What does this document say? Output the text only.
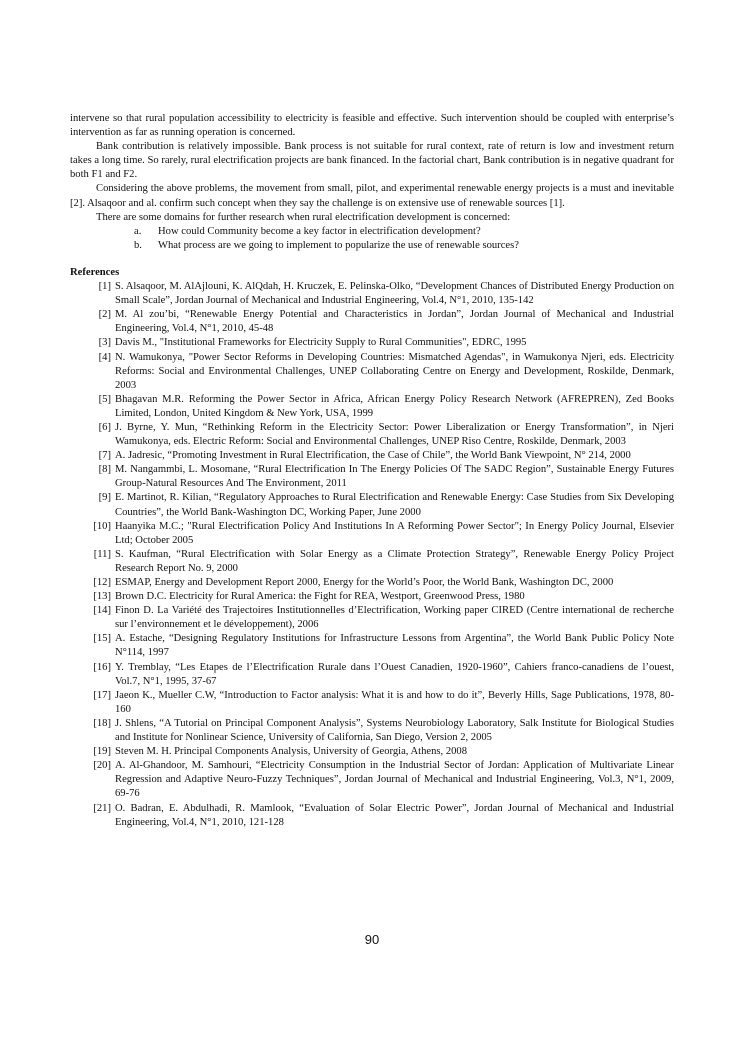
intervene so that rural population accessibility to electricity is feasible and effective. Such intervention should be coupled with enterprise’s intervention as far as running operation is concerned.

Bank contribution is relatively impossible. Bank process is not suitable for rural context, rate of return is low and investment return takes a long time. So rarely, rural electrification projects are bank financed. In the factorial chart, Bank contribution is in negative quadrant for both F1 and F2.

Considering the above problems, the movement from small, pilot, and experimental renewable energy projects is a must and inevitable [2]. Alsaqoor and al. confirm such concept when they say the challenge is on extensive use of renewable sources [1].

There are some domains for further research when rural electrification development is concerned:

a.	How could Community become a key factor in electrification development?
b.	What process are we going to implement to popularize the use of renewable sources?
References
[1] S. Alsaqoor, M. AlAjlouni, K. AlQdah, H. Kruczek, E. Pelinska-Olko, “Development Chances of Distributed Energy Production on Small Scale”, Jordan Journal of Mechanical and Industrial Engineering, Vol.4, N°1, 2010, 135-142
[2] M. Al zou’bi, “Renewable Energy Potential and Characteristics in Jordan”, Jordan Journal of Mechanical and Industrial Engineering, Vol.4, N°1, 2010, 45-48
[3] Davis M., "Institutional Frameworks for Electricity Supply to Rural Communities", EDRC, 1995
[4] N. Wamukonya, "Power Sector Reforms in Developing Countries: Mismatched Agendas", in Wamukonya Njeri, eds. Electricity Reforms: Social and Environmental Challenges, UNEP Collaborating Centre on Energy and Development, Roskilde, Denmark, 2003
[5] Bhagavan M.R. Reforming the Power Sector in Africa, African Energy Policy Research Network (AFREPREN), Zed Books Limited, London, United Kingdom & New York, USA, 1999
[6] J. Byrne, Y. Mun, “Rethinking Reform in the Electricity Sector: Power Liberalization or Energy Transformation”, in Njeri Wamukonya, eds. Electric Reform: Social and Environmental Challenges, UNEP Riso Centre, Roskilde, Denmark, 2003
[7] A. Jadresic, “Promoting Investment in Rural Electrification, the Case of Chile”, the World Bank Viewpoint, N° 214, 2000
[8] M. Nangammbi, L. Mosomane, “Rural Electrification In The Energy Policies Of The SADC Region”, Sustainable Energy Futures Group-Natural Resources And The Environment, 2011
[9] E. Martinot, R. Kilian, “Regulatory Approaches to Rural Electrification and Renewable Energy: Case Studies from Six Developing Countries”, the World Bank-Washington DC, Working Paper, June 2000
[10] Haanyika M.C.; "Rural Electrification Policy And Institutions In A Reforming Power Sector"; In Energy Policy Journal, Elsevier Ltd; October 2005
[11] S. Kaufman, “Rural Electrification with Solar Energy as a Climate Protection Strategy”, Renewable Energy Policy Project Research Report No. 9, 2000
[12] ESMAP, Energy and Development Report 2000, Energy for the World’s Poor, the World Bank, Washington DC, 2000
[13] Brown D.C. Electricity for Rural America: the Fight for REA, Westport, Greenwood Press, 1980
[14] Finon D. La Variété des Trajectoires Institutionnelles d’Electrification, Working paper CIRED (Centre international de recherche sur l’environnement et le développement), 2006
[15] A. Estache, “Designing Regulatory Institutions for Infrastructure Lessons from Argentina”, the World Bank Public Policy Note N°114, 1997
[16] Y. Tremblay, “Les Etapes de l’Electrification Rurale dans l’Ouest Canadien, 1920-1960”, Cahiers franco-canadiens de l’ouest, Vol.7, N°1, 1995, 37-67
[17] Jaeon K., Mueller C.W, “Introduction to Factor analysis: What it is and how to do it”, Beverly Hills, Sage Publications, 1978, 80-160
[18] J. Shlens, “A Tutorial on Principal Component Analysis”, Systems Neurobiology Laboratory, Salk Institute for Biological Studies and Institute for Nonlinear Science, University of California, San Diego, Version 2, 2005
[19] Steven M. H. Principal Components Analysis, University of Georgia, Athens, 2008
[20] A. Al-Ghandoor, M. Samhouri, “Electricity Consumption in the Industrial Sector of Jordan: Application of Multivariate Linear Regression and Adaptive Neuro-Fuzzy Techniques”, Jordan Journal of Mechanical and Industrial Engineering, Vol.3, N°1, 2009, 69-76
[21] O. Badran, E. Abdulhadi, R. Mamlook, “Evaluation of Solar Electric Power”, Jordan Journal of Mechanical and Industrial Engineering, Vol.4, N°1, 2010, 121-128
90
